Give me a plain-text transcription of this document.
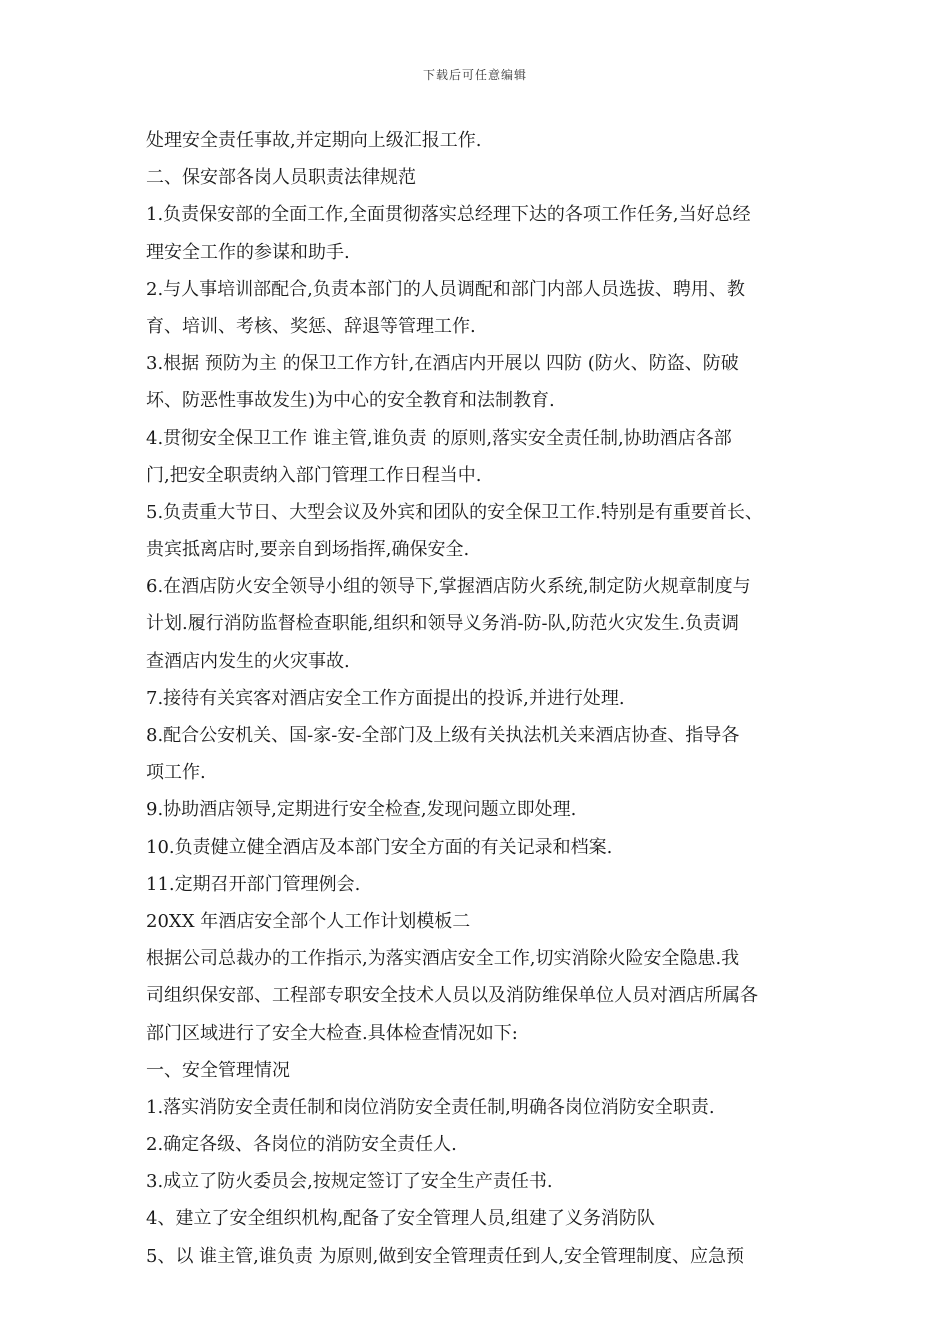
下载后可任意编辑
处理安全责任事故,并定期向上级汇报工作.
二、保安部各岗人员职责法律规范
1.负责保安部的全面工作,全面贯彻落实总经理下达的各项工作任务,当好总经
理安全工作的参谋和助手.
2.与人事培训部配合,负责本部门的人员调配和部门内部人员选拔、聘用、教
育、培训、考核、奖惩、辞退等管理工作.
3.根据 预防为主 的保卫工作方针,在酒店内开展以 四防 (防火、防盗、防破
坏、防恶性事故发生)为中心的安全教育和法制教育.
4.贯彻安全保卫工作 谁主管,谁负责 的原则,落实安全责任制,协助酒店各部
门,把安全职责纳入部门管理工作日程当中.
5.负责重大节日、大型会议及外宾和团队的安全保卫工作.特别是有重要首长、
贵宾抵离店时,要亲自到场指挥,确保安全.
6.在酒店防火安全领导小组的领导下,掌握酒店防火系统,制定防火规章制度与
计划.履行消防监督检查职能,组织和领导义务消-防-队,防范火灾发生.负责调
查酒店内发生的火灾事故.
7.接待有关宾客对酒店安全工作方面提出的投诉,并进行处理.
8.配合公安机关、国-家-安-全部门及上级有关执法机关来酒店协查、指导各
项工作.
9.协助酒店领导,定期进行安全检查,发现问题立即处理.
10.负责健立健全酒店及本部门安全方面的有关记录和档案.
11.定期召开部门管理例会.
20XX 年酒店安全部个人工作计划模板二
根据公司总裁办的工作指示,为落实酒店安全工作,切实消除火险安全隐患.我
司组织保安部、工程部专职安全技术人员以及消防维保单位人员对酒店所属各
部门区域进行了安全大检查.具体检查情况如下:
一、安全管理情况
1.落实消防安全责任制和岗位消防安全责任制,明确各岗位消防安全职责.
2.确定各级、各岗位的消防安全责任人.
3.成立了防火委员会,按规定签订了安全生产责任书.
4、建立了安全组织机构,配备了安全管理人员,组建了义务消防队
5、以 谁主管,谁负责 为原则,做到安全管理责任到人,安全管理制度、应急预
